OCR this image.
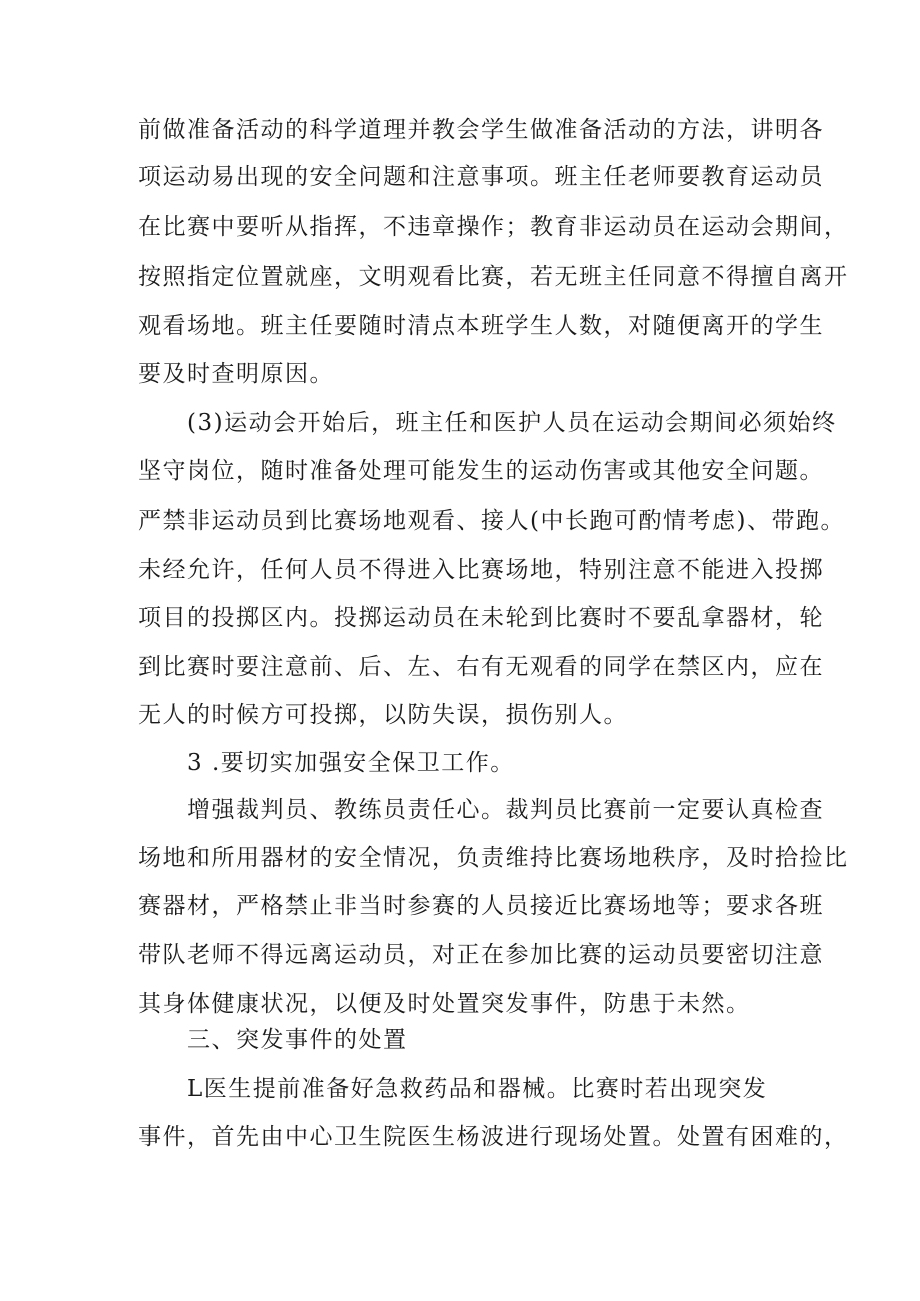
前做准备活动的科学道理并教会学生做准备活动的方法，讲明各
项运动易出现的安全问题和注意事项。班主任老师要教育运动员
在比赛中要听从指挥，不违章操作；教育非运动员在运动会期间，
按照指定位置就座，文明观看比赛，若无班主任同意不得擅自离开
观看场地。班主任要随时清点本班学生人数，对随便离开的学生
要及时查明原因。
(3)运动会开始后，班主任和医护人员在运动会期间必须始终
坚守岗位，随时准备处理可能发生的运动伤害或其他安全问题。
严禁非运动员到比赛场地观看、接人(中长跑可酌情考虑)、带跑。
未经允许，任何人员不得进入比赛场地，特别注意不能进入投掷
项目的投掷区内。投掷运动员在未轮到比赛时不要乱拿器材，轮
到比赛时要注意前、后、左、右有无观看的同学在禁区内，应在
无人的时候方可投掷，以防失误，损伤别人。
3 .要切实加强安全保卫工作。
增强裁判员、教练员责任心。裁判员比赛前一定要认真检查
场地和所用器材的安全情况，负责维持比赛场地秩序，及时拾捡比
赛器材，严格禁止非当时参赛的人员接近比赛场地等；要求各班
带队老师不得远离运动员，对正在参加比赛的运动员要密切注意
其身体健康状况，以便及时处置突发事件，防患于未然。
三、突发事件的处置
L医生提前准备好急救药品和器械。比赛时若出现突发
事件，首先由中心卫生院医生杨波进行现场处置。处置有困难的，
